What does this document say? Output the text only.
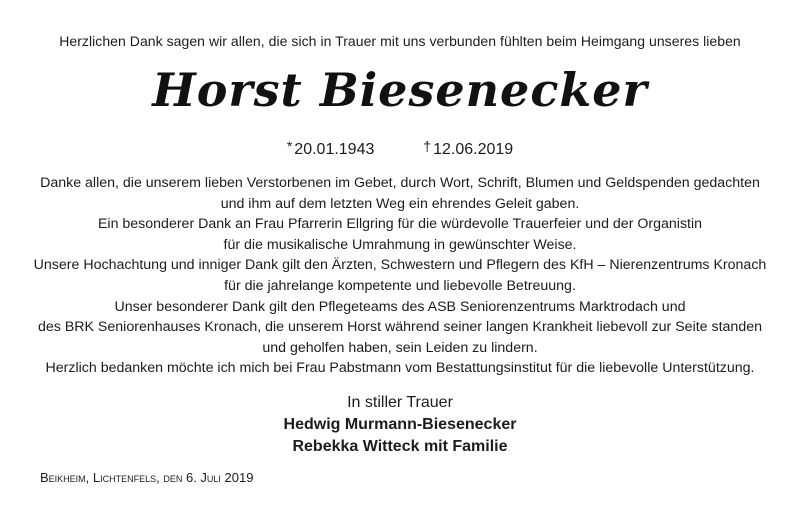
Herzlichen Dank sagen wir allen, die sich in Trauer mit uns verbunden fühlten beim Heimgang unseres lieben
Horst Biesenecker
* 20.01.1943	† 12.06.2019

Danke allen, die unserem lieben Verstorbenen im Gebet, durch Wort, Schrift, Blumen und Geldspenden gedachten
und ihm auf dem letzten Weg ein ehrendes Geleit gaben.

Ein besonderer Dank an Frau Pfarrerin Ellgring für die würdevolle Trauerfeier und der Organistin
für die musikalische Umrahmung in gewünschter Weise.

Unsere Hochachtung und inniger Dank gilt den Ärzten, Schwestern und Pflegern des KfH – Nierenzentrums Kronach
für die jahrelange kompetente und liebevolle Betreuung.

Unser besonderer Dank gilt den Pflegeteams des ASB Seniorenzentrums Marktrodach und
des BRK Seniorenhauses Kronach, die unserem Horst während seiner langen Krankheit liebevoll zur Seite standen
und geholfen haben, sein Leiden zu lindern.

Herzlich bedanken möchte ich mich bei Frau Pabstmann vom Bestattungsinstitut für die liebevolle Unterstützung.

In stiller Trauer
Hedwig Murmann-Biesenecker
Rebekka Witteck mit Familie
Beikheim, Lichtenfels, den 6. Juli 2019
